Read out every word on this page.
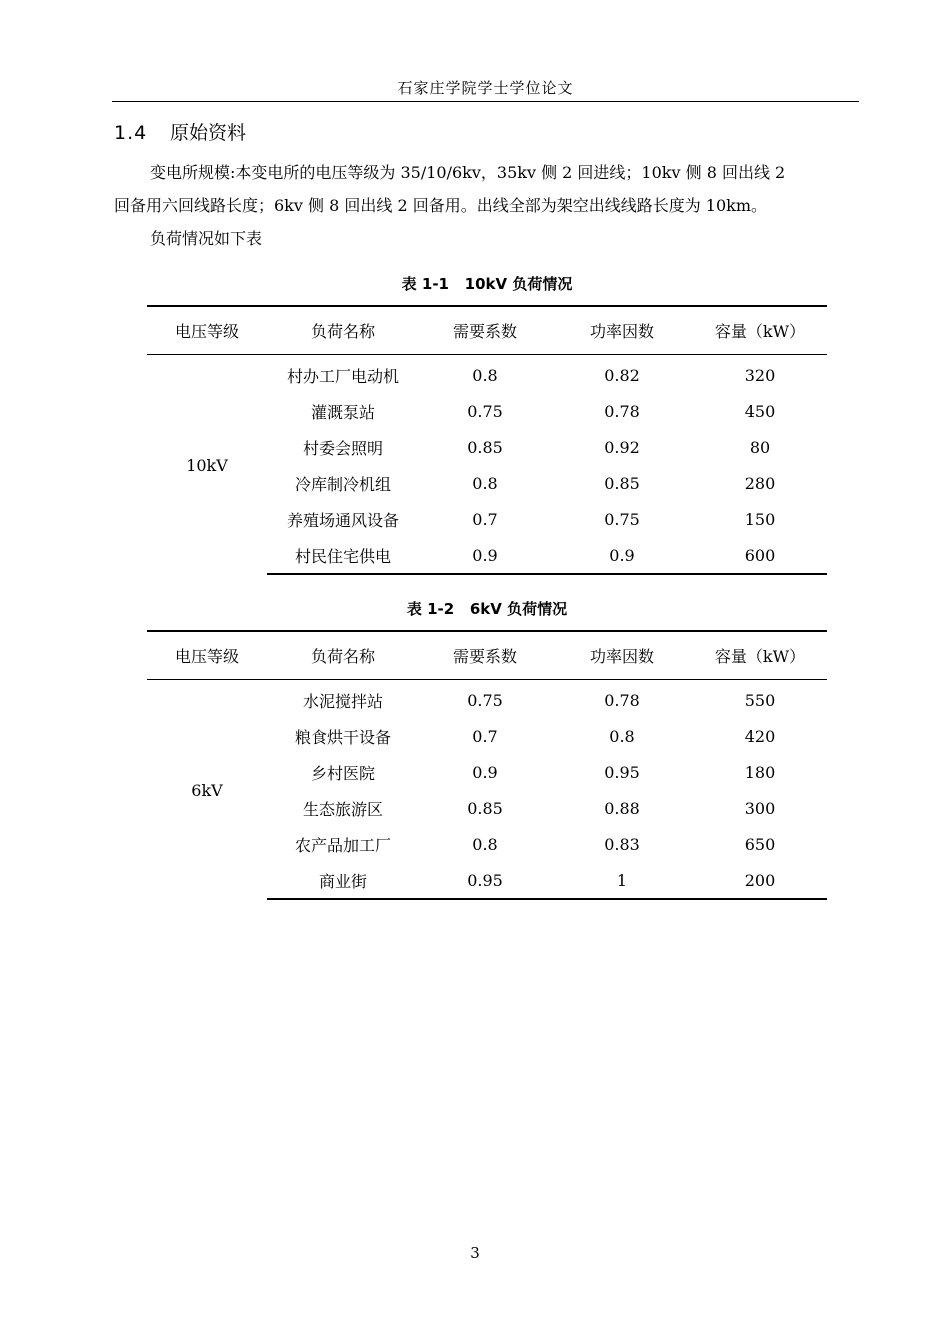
石家庄学院学士学位论文
1.4 原始资料
变电所规模:本变电所的电压等级为 35/10/6kv，35kv 侧 2 回进线；10kv 侧 8 回出线 2
回备用六回线路长度；6kv 侧 8 回出线 2 回备用。出线全部为架空出线线路长度为 10km。
负荷情况如下表
表 1-1   10kV 负荷情况
电压等级	负荷名称	需要系数	功率因数	容量（kW）
10kV	村办工厂电动机	0.8	0.82	320
	灌溉泵站	0.75	0.78	450
	村委会照明	0.85	0.92	80
	冷库制冷机组	0.8	0.85	280
	养殖场通风设备	0.7	0.75	150
	村民住宅供电	0.9	0.9	600
表 1-2   6kV 负荷情况
电压等级	负荷名称	需要系数	功率因数	容量（kW）
6kV	水泥搅拌站	0.75	0.78	550
	粮食烘干设备	0.7	0.8	420
	乡村医院	0.9	0.95	180
	生态旅游区	0.85	0.88	300
	农产品加工厂	0.8	0.83	650
	商业街	0.95	1	200
3
